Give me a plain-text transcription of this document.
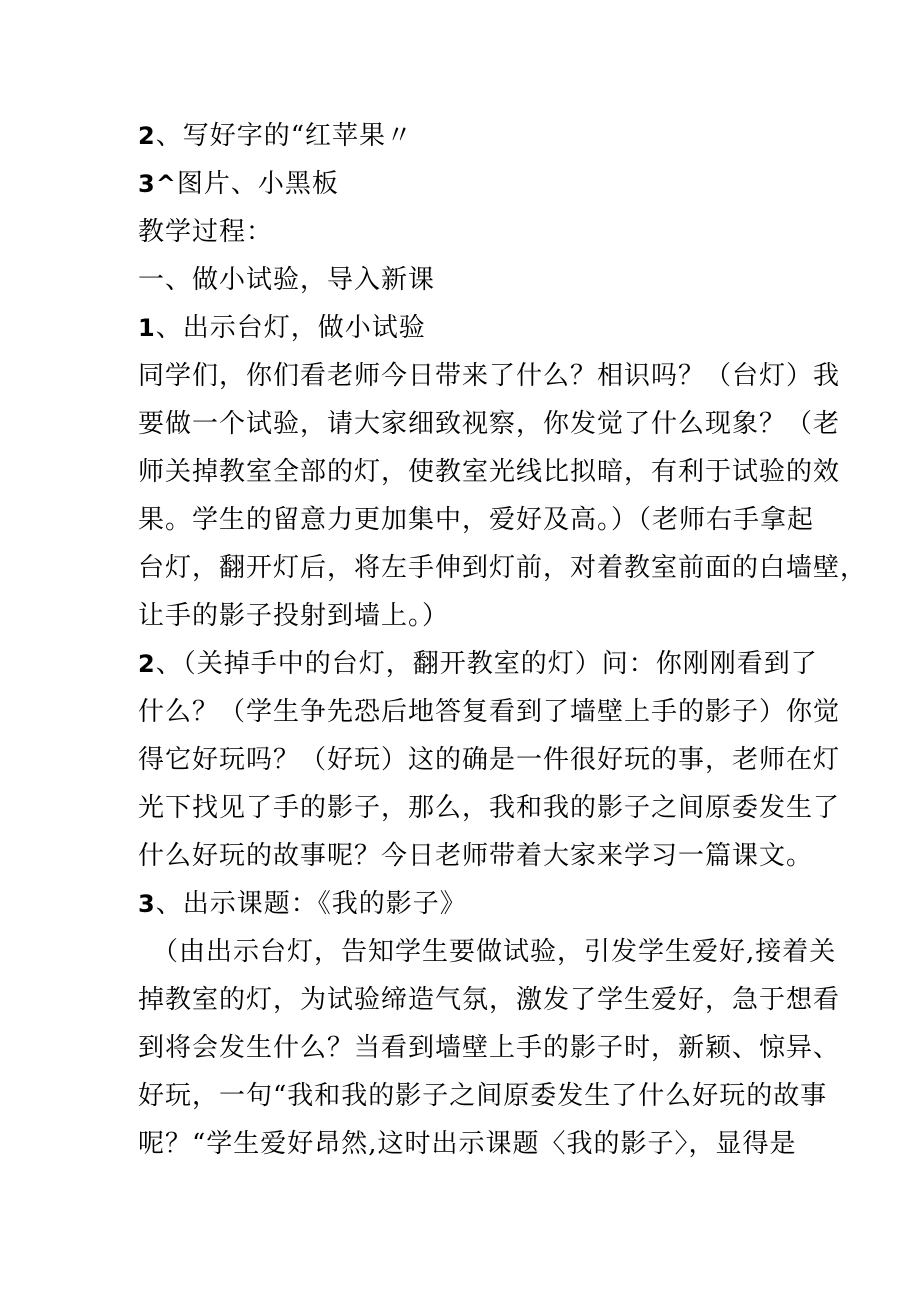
2、写好字的“红苹果〃
3^图片、小黑板
教学过程：
一、做小试验，导入新课
1、出示台灯，做小试验
同学们，你们看老师今日带来了什么？相识吗？（台灯）我
要做一个试验，请大家细致视察，你发觉了什么现象？（老
师关掉教室全部的灯，使教室光线比拟暗，有利于试验的效
果。学生的留意力更加集中，爱好及高。）（老师右手拿起
台灯，翻开灯后，将左手伸到灯前，对着教室前面的白墙壁，
让手的影子投射到墙上。）
2、（关掉手中的台灯，翻开教室的灯）问：你刚刚看到了
什么？（学生争先恐后地答复看到了墙壁上手的影子）你觉
得它好玩吗？（好玩）这的确是一件很好玩的事，老师在灯
光下找见了手的影子，那么，我和我的影子之间原委发生了
什么好玩的故事呢？今日老师带着大家来学习一篇课文。
3、出示课题：《我的影子》
（由出示台灯，告知学生要做试验，引发学生爱好,接着关
掉教室的灯，为试验缔造气氛，激发了学生爱好，急于想看
到将会发生什么？当看到墙壁上手的影子时，新颖、惊异、
好玩，一句“我和我的影子之间原委发生了什么好玩的故事
呢？“学生爱好昂然,这时出示课题〈我的影子〉，显得是
